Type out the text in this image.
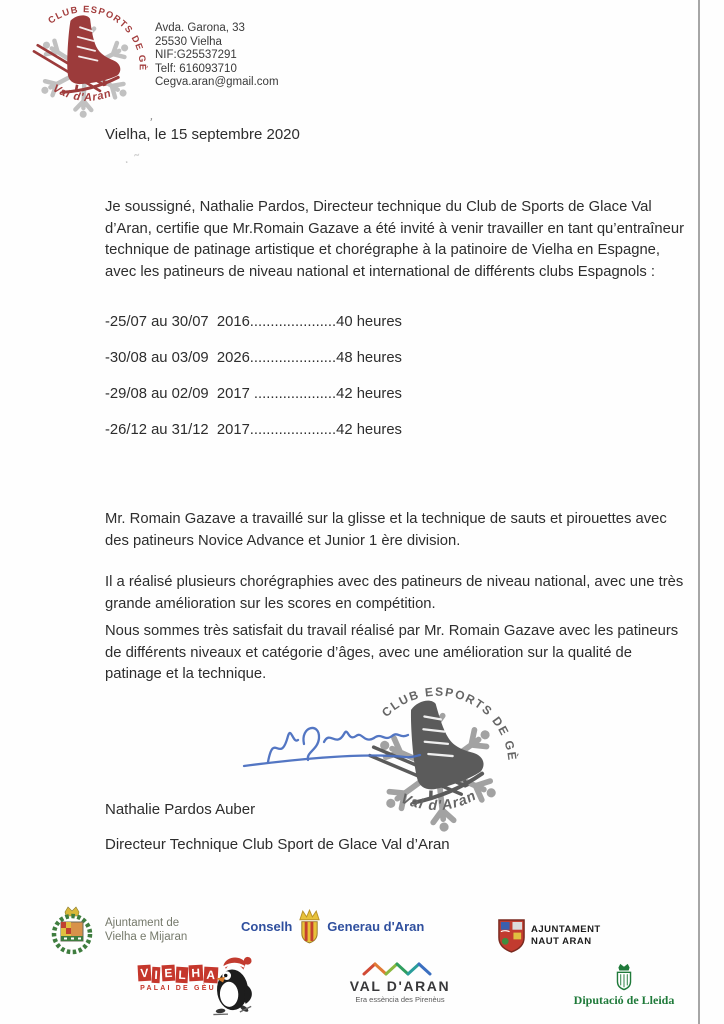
Avda. Garona, 33
25530 Vielha
NIF:G25537291
Telf: 616093710
Cegva.aran@gmail.com
’
·˜
Vielha, le 15 septembre 2020
Je soussigné, Nathalie Pardos, Directeur technique du Club de Sports de Glace Val d’Aran, certifie que Mr.Romain Gazave a été invité à venir travailler en tant qu’entraîneur technique de patinage artistique et chorégraphe à la patinoire de Vielha en Espagne, avec les patineurs de niveau national et international de différents clubs Espagnols :
-25/07 au 30/07  2016.....................40 heures
-30/08 au 03/09  2026.....................48 heures
-29/08 au 02/09  2017 ....................42 heures
-26/12 au 31/12  2017.....................42 heures
Mr. Romain Gazave a travaillé sur la glisse et la technique de sauts et pirouettes avec des patineurs Novice Advance et Junior 1 ère division.
Il a réalisé plusieurs chorégraphies avec des patineurs de niveau national, avec une très grande amélioration sur les scores en compétition.
Nous sommes très satisfait du travail réalisé par Mr. Romain Gazave avec les patineurs de différents niveaux et catégorie d’âges, avec une amélioration sur la qualité de patinage et la technique.
Nathalie Pardos Auber
Directeur Technique Club Sport de Glace Val d’Aran
Ajuntament de
Vielha e Mijaran
Conselh	Generau d'Aran	AJUNTAMENT
NAUT ARAN
V I E L H A
PALAI DE GÈU	VAL D'ARAN
Era essència des Pirenèus	Diputació de Lleida
